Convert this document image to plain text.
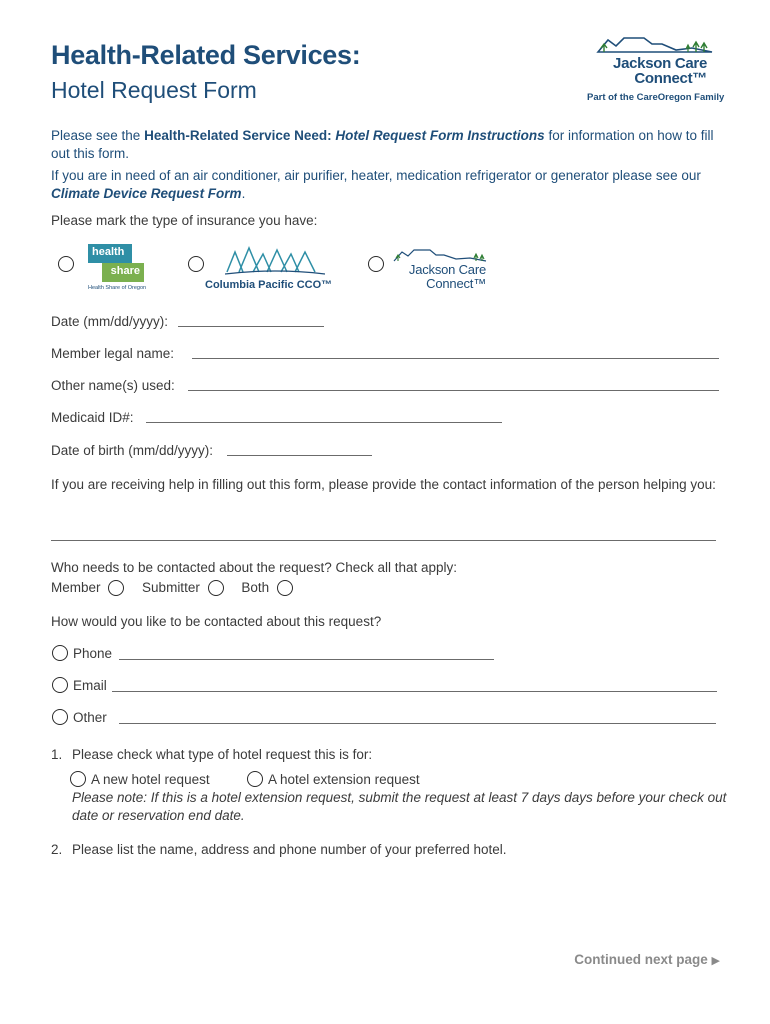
Health-Related Services:
Hotel Request Form
Jackson Care
Connect™
Part of the CareOregon Family
Please see the Health-Related Service Need: Hotel Request Form Instructions for information on how to fill out this form.
If you are in need of an air conditioner, air purifier, heater, medication refrigerator or generator please see our Climate Device Request Form.
Please mark the type of insurance you have:
health
share
Health Share of Oregon	Columbia Pacific CCO™
Jackson Care
Connect™
Date (mm/dd/yyyy):
Member legal name:
Other name(s) used:
Medicaid ID#:
Date of birth (mm/dd/yyyy):
If you are receiving help in filling out this form, please provide the contact information of the person helping you:
Who needs to be contacted about the request? Check all that apply:
Member	Submitter	Both
How would you like to be contacted about this request?
Phone
Email
Other
1. Please check what type of hotel request this is for:
A new hotel request	A hotel extension request
Please note: If this is a hotel extension request, submit the request at least 7 days days before your check out date or reservation end date.
2. Please list the name, address and phone number of your preferred hotel.
Continued next page ▶
